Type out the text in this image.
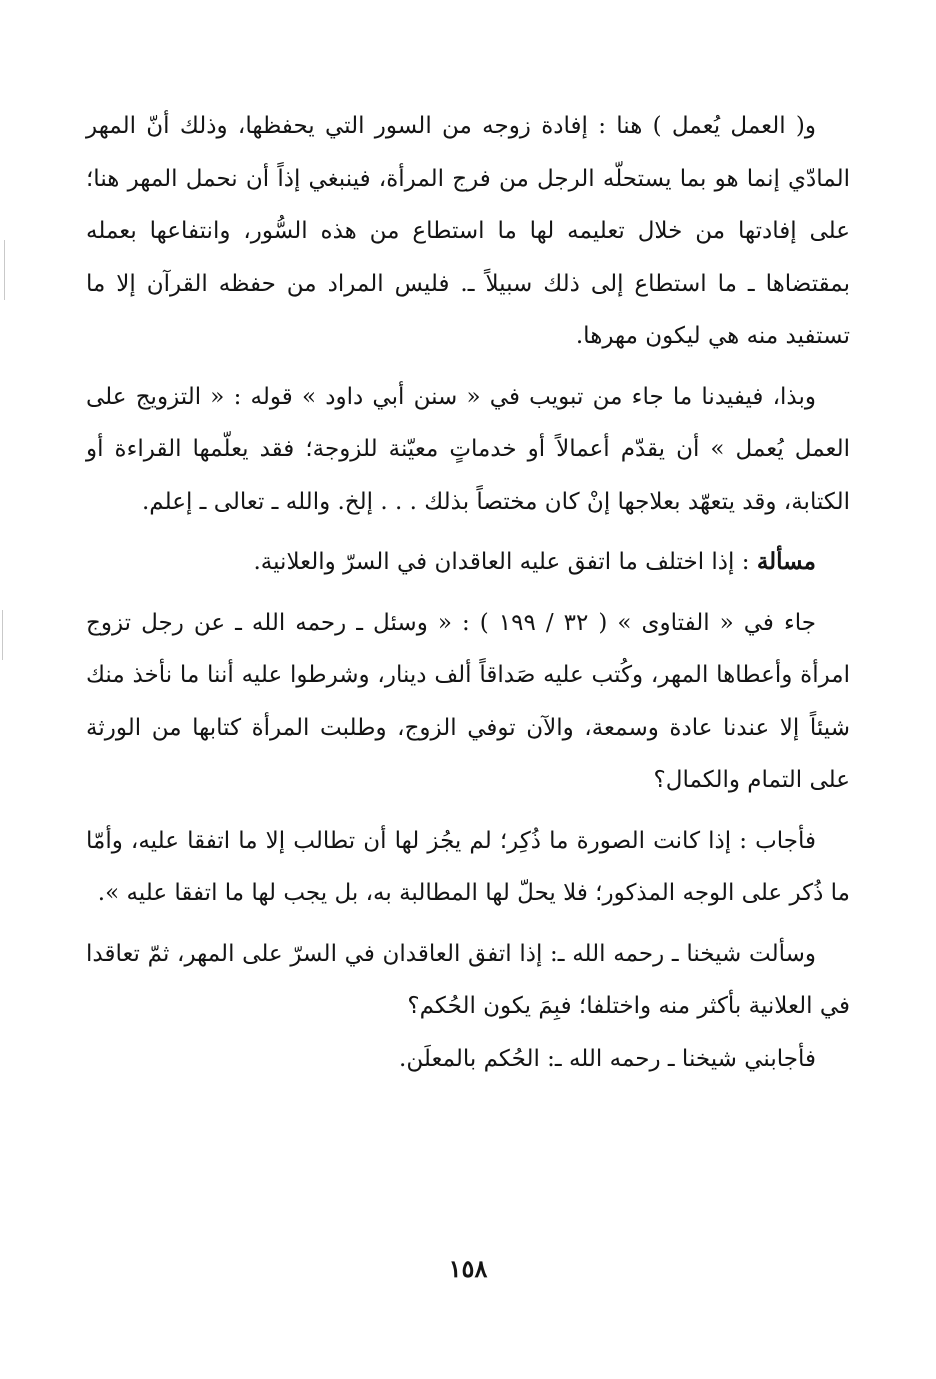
و( العمل يُعمل ) هنا : إفادة زوجه من السور التي يحفظها، وذلك أنّ المهر المادّي إنما هو بما يستحلّه الرجل من فرج المرأة، فينبغي إذاً أن نحمل المهر هنا؛ على إفادتها من خلال تعليمه لها ما استطاع من هذه السُّور، وانتفاعها بعمله بمقتضاها ـ ما استطاع إلى ذلك سبيلاً ـ. فليس المراد من حفظه القرآن إلا ما تستفيد منه هي ليكون مهرها.

وبذا، فيفيدنا ما جاء من تبويب في « سنن أبي داود » قوله : « التزويج على العمل يُعمل » أن يقدّم أعمالاً أو خدماتٍ معيّنة للزوجة؛ فقد يعلّمها القراءة أو الكتابة، وقد يتعهّد بعلاجها إنْ كان مختصاً بذلك . . . إلخ. والله ـ تعالى ـ إعلم.

مسألة : إذا اختلف ما اتفق عليه العاقدان في السرّ والعلانية.

جاء في « الفتاوى » ( ٣٢ / ١٩٩ ) : « وسئل ـ رحمه الله ـ عن رجل تزوج امرأة وأعطاها المهر، وكُتب عليه صَداقاً ألف دينار، وشرطوا عليه أننا ما نأخذ منك شيئاً إلا عندنا عادة وسمعة، والآن توفي الزوج، وطلبت المرأة كتابها من الورثة على التمام والكمال؟

فأجاب : إذا كانت الصورة ما ذُكِر؛ لم يجُز لها أن تطالب إلا ما اتفقا عليه، وأمّا ما ذُكر على الوجه المذكور؛ فلا يحلّ لها المطالبة به، بل يجب لها ما اتفقا عليه ».

وسألت شيخنا ـ رحمه الله ـ: إذا اتفق العاقدان في السرّ على المهر، ثمّ تعاقدا في العلانية بأكثر منه واختلفا؛ فبِمَ يكون الحُكم؟

فأجابني شيخنا ـ رحمه الله ـ: الحُكم بالمعلَن.

١٥٨
